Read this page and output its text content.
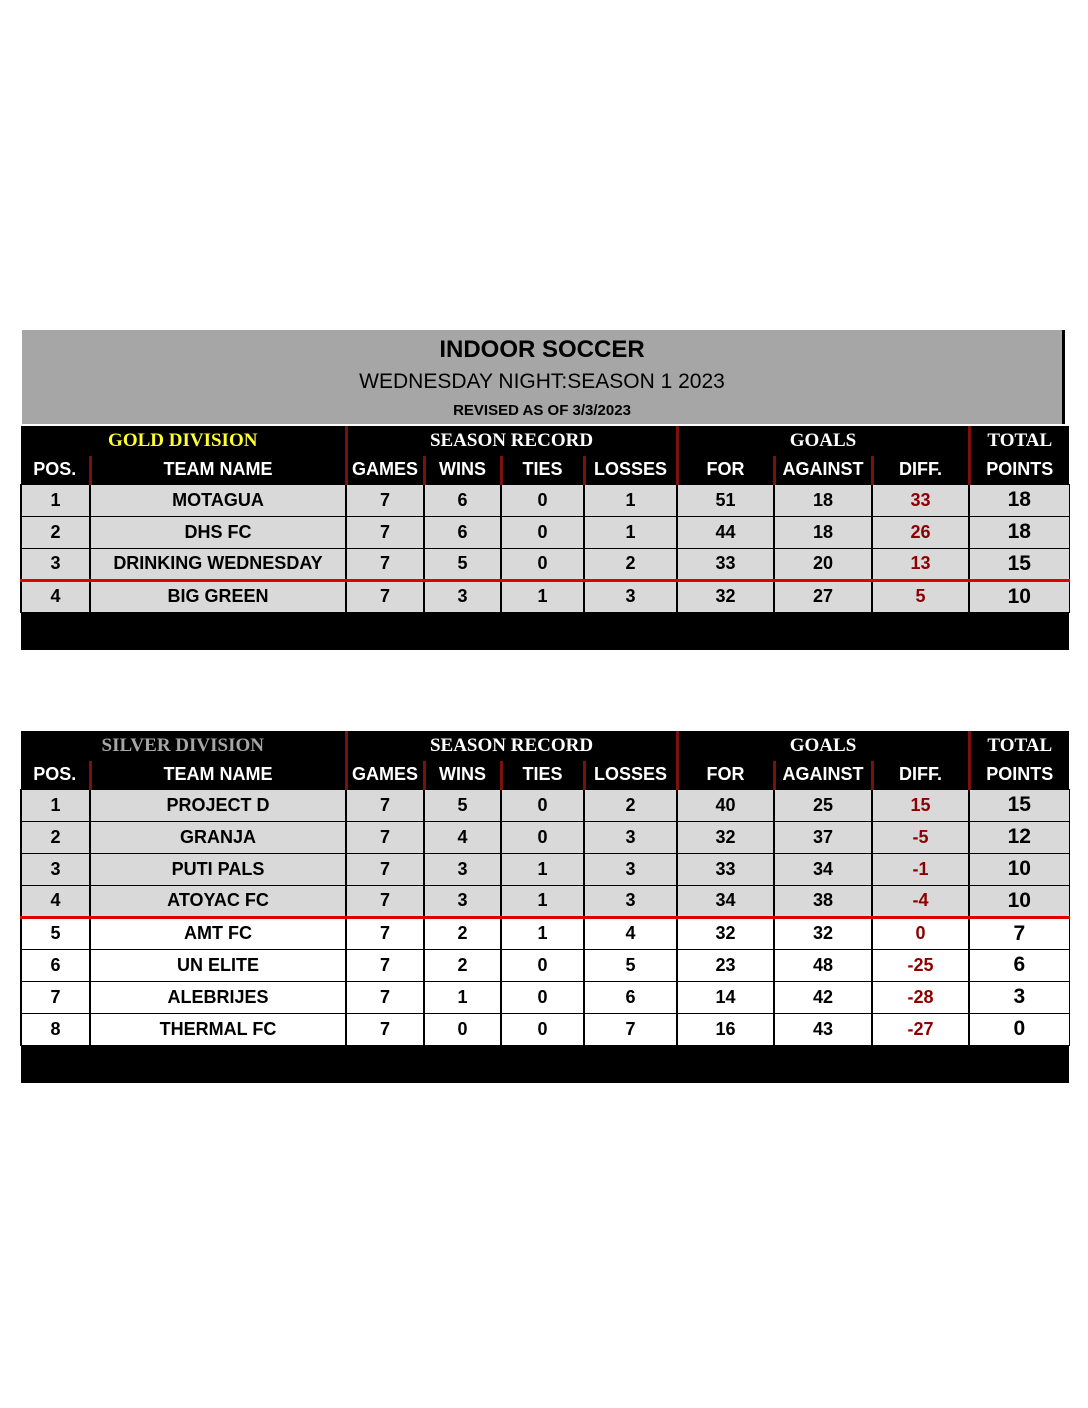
INDOOR SOCCER
WEDNESDAY NIGHT:SEASON 1 2023
REVISED AS OF 3/3/2023
GOLD DIVISION		SEASON RECORD				GOALS			TOTAL
POS.	TEAM NAME	GAMES	WINS	TIES	LOSSES	FOR	AGAINST	DIFF.	POINTS
1	MOTAGUA	7	6	0	1	51	18	33	18
2	DHS FC	7	6	0	1	44	18	26	18
3	DRINKING WEDNESDAY	7	5	0	2	33	20	13	15
4	BIG GREEN	7	3	1	3	32	27	5	10

SILVER DIVISION		SEASON RECORD				GOALS			TOTAL
POS.	TEAM NAME	GAMES	WINS	TIES	LOSSES	FOR	AGAINST	DIFF.	POINTS
1	PROJECT D	7	5	0	2	40	25	15	15
2	GRANJA	7	4	0	3	32	37	-5	12
3	PUTI PALS	7	3	1	3	33	34	-1	10
4	ATOYAC FC	7	3	1	3	34	38	-4	10
5	AMT FC	7	2	1	4	32	32	0	7
6	UN ELITE	7	2	0	5	23	48	-25	6
7	ALEBRIJES	7	1	0	6	14	42	-28	3
8	THERMAL FC	7	0	0	7	16	43	-27	0
